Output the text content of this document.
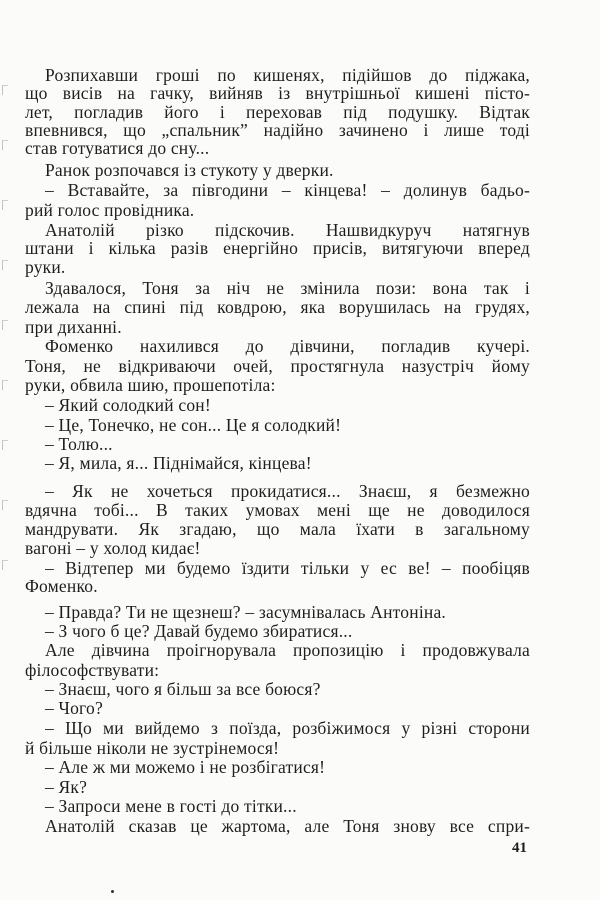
Розпихавши гроші по кишенях, підійшов до піджака,
що висів на гачку, вийняв із внутрішньої кишені пісто-
лет, погладив його і переховав під подушку. Відтак
впевнився, що „спальник” надійно зачинено і лише тоді
став готуватися до сну...
Ранок розпочався із стукоту у дверки.
– Вставайте, за півгодини – кінцева! – долинув бадьо-
рий голос провідника.
Анатолій різко підскочив. Нашвидкуруч натягнув
штани і кілька разів енергійно присів, витягуючи вперед
руки.
Здавалося, Тоня за ніч не змінила пози: вона так і
лежала на спині під ковдрою, яка ворушилась на грудях,
при диханні.
Фоменко нахилився до дівчини, погладив кучері.
Тоня, не відкриваючи очей, простягнула назустріч йому
руки, обвила шию, прошепотіла:
– Який солодкий сон!
– Це, Тонечко, не сон... Це я солодкий!
– Толю...
– Я, мила, я... Піднімайся, кінцева!
– Як не хочеться прокидатися... Знаєш, я безмежно
вдячна тобі... В таких умовах мені ще не доводилося
мандрувати. Як згадаю, що мала їхати в загальному
вагоні – у холод кидає!
– Відтепер ми будемо їздити тільки у ес ве! – пообіцяв
Фоменко.
– Правда? Ти не щезнеш? – засумнівалась Антоніна.
– З чого б це? Давай будемо збиратися...
Але дівчина проігнорувала пропозицію і продовжувала
філософствувати:
– Знаєш, чого я більш за все боюся?
– Чого?
– Що ми вийдемо з поїзда, розбіжимося у різні сторони
й більше ніколи не зустрінемося!
– Але ж ми можемо і не розбігатися!
– Як?
– Запроси мене в гості до тітки...
Анатолій сказав це жартома, але Тоня знову все спри-
41
